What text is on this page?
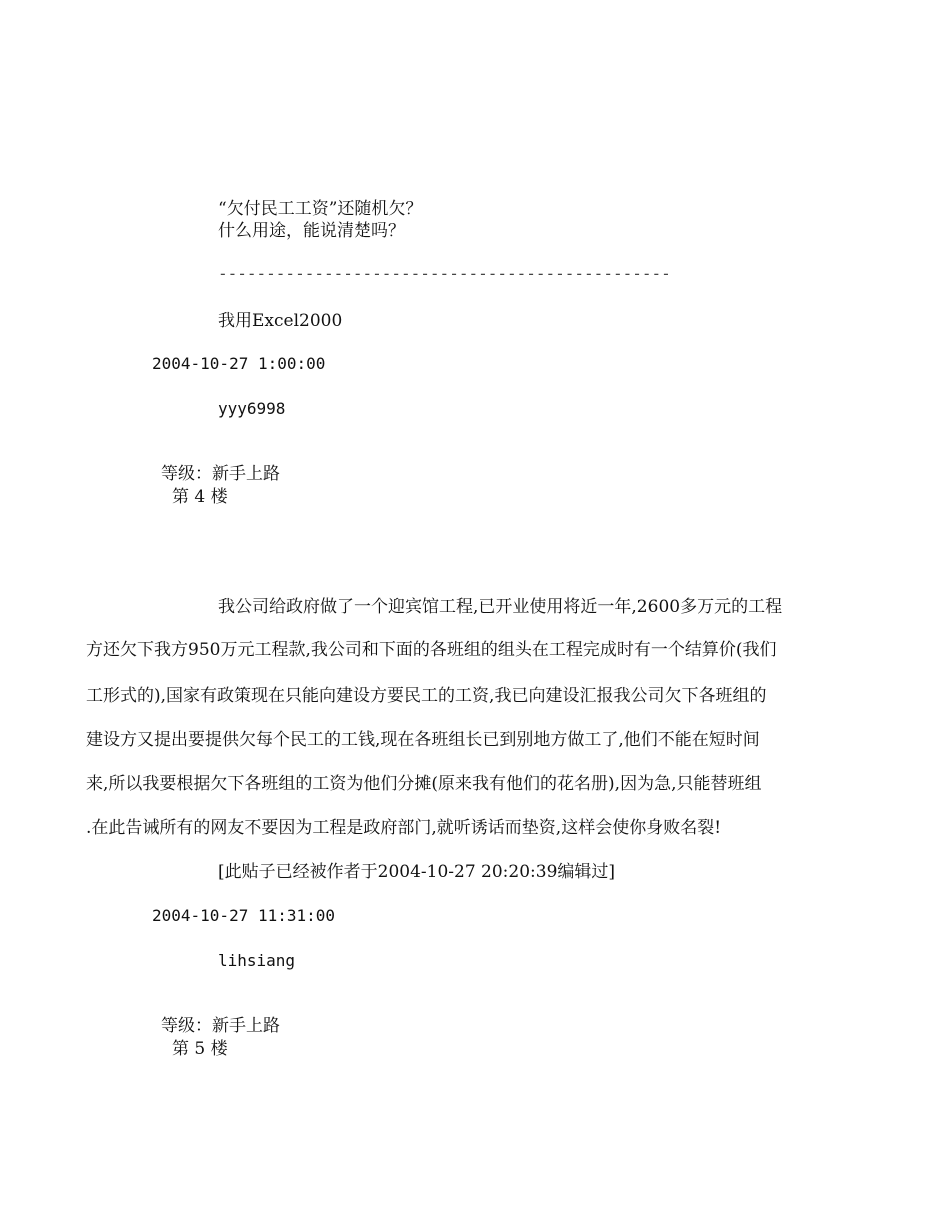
“欠付民工工资”还随机欠？
什么用途，能说清楚吗？
-----------------------------------------------
我用Excel2000
2004-10-27 1:00:00
yyy6998
等级：新手上路
第 4 楼
我公司给政府做了一个迎宾馆工程,已开业使用将近一年,2600多万元的工程
方还欠下我方950万元工程款,我公司和下面的各班组的组头在工程完成时有一个结算价(我们
工形式的),国家有政策现在只能向建设方要民工的工资,我已向建设汇报我公司欠下各班组的
建设方又提出要提供欠每个民工的工钱,现在各班组长已到别地方做工了,他们不能在短时间
来,所以我要根据欠下各班组的工资为他们分摊(原来我有他们的花名册),因为急,只能替班组
.在此告诫所有的网友不要因为工程是政府部门,就听诱话而垫资,这样会使你身败名裂!
[此贴子已经被作者于2004-10-27 20:20:39编辑过]
2004-10-27 11:31:00
lihsiang
等级：新手上路
第 5 楼
